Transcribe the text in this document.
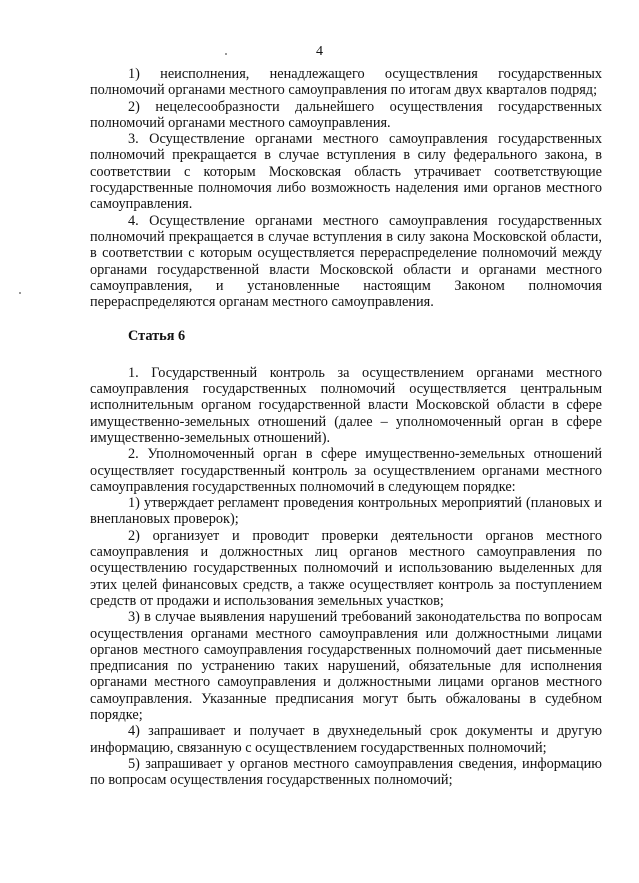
4

1) неисполнения, ненадлежащего осуществления государственных полномочий органами местного самоуправления по итогам двух кварталов подряд;

2) нецелесообразности дальнейшего осуществления государственных полномочий органами местного самоуправления.

3. Осуществление органами местного самоуправления государственных полномочий прекращается в случае вступления в силу федерального закона, в соответствии с которым Московская область утрачивает соответствующие государственные полномочия либо возможность наделения ими органов местного самоуправления.

4. Осуществление органами местного самоуправления государственных полномочий прекращается в случае вступления в силу закона Московской области, в соответствии с которым осуществляется перераспределение полномочий между органами государственной власти Московской области и органами местного самоуправления, и установленные настоящим Законом полномочия перераспределяются органам местного самоуправления.

Статья 6

1. Государственный контроль за осуществлением органами местного самоуправления государственных полномочий осуществляется центральным исполнительным органом государственной власти Московской области в сфере имущественно-земельных отношений (далее – уполномоченный орган в сфере имущественно-земельных отношений).

2. Уполномоченный орган в сфере имущественно-земельных отношений осуществляет государственный контроль за осуществлением органами местного самоуправления государственных полномочий в следующем порядке:

1) утверждает регламент проведения контрольных мероприятий (плановых и внеплановых проверок);

2) организует и проводит проверки деятельности органов местного самоуправления и должностных лиц органов местного самоуправления по осуществлению государственных полномочий и использованию выделенных для этих целей финансовых средств, а также осуществляет контроль за поступлением средств от продажи и использования земельных участков;

3) в случае выявления нарушений требований законодательства по вопросам осуществления органами местного самоуправления или должностными лицами органов местного самоуправления государственных полномочий дает письменные предписания по устранению таких нарушений, обязательные для исполнения органами местного самоуправления и должностными лицами органов местного самоуправления. Указанные предписания могут быть обжалованы в судебном порядке;

4) запрашивает и получает в двухнедельный срок документы и другую информацию, связанную с осуществлением государственных полномочий;

5) запрашивает у органов местного самоуправления сведения, информацию по вопросам осуществления государственных полномочий;
